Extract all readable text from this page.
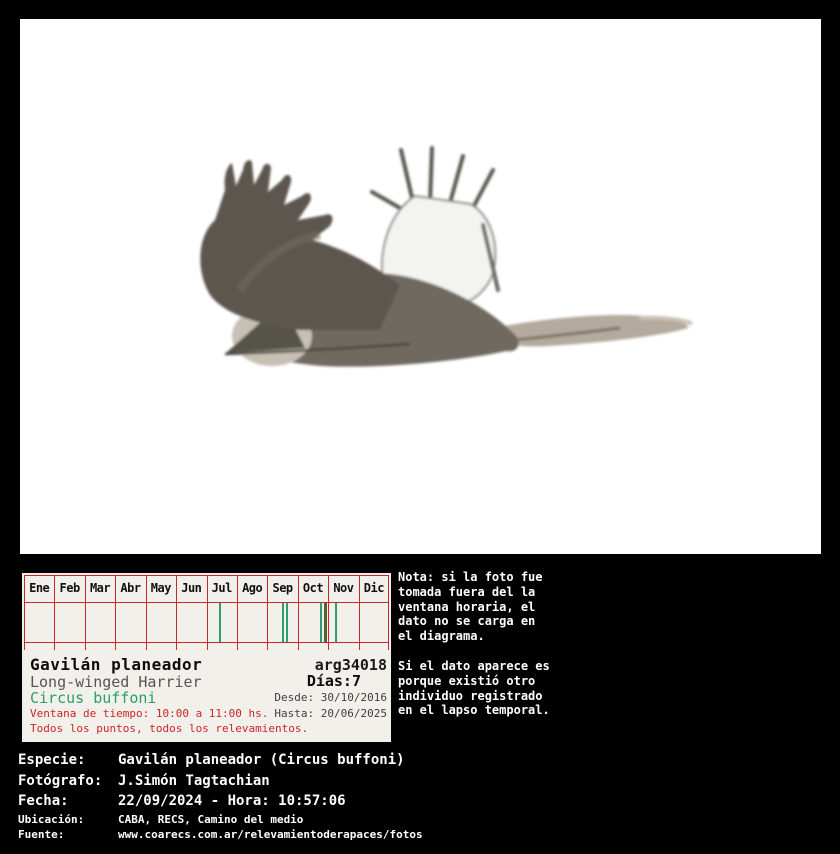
Ene Feb Mar Abr May Jun Jul Ago Sep Oct Nov Dic
Gavilán planeador	arg34018
Long-winged Harrier	Días:7
Circus buffoni	Desde: 30/10/2016
Ventana de tiempo: 10:00 a 11:00 hs. Hasta: 20/06/2025
Todos los puntos, todos los relevamientos.
Nota: si la foto fue
tomada fuera del la
ventana horaria, el
dato no se carga en
el diagrama.
Si el dato aparece es
porque existió otro
individuo registrado
en el lapso temporal.
Especie: Gavilán planeador (Circus buffoni)
Fotógrafo: J.Simón Tagtachian
Fecha:	22/09/2024 - Hora: 10:57:06
Ubicación:	CABA, RECS, Camino del medio
Fuente:	www.coarecs.com.ar/relevamientoderapaces/fotos
